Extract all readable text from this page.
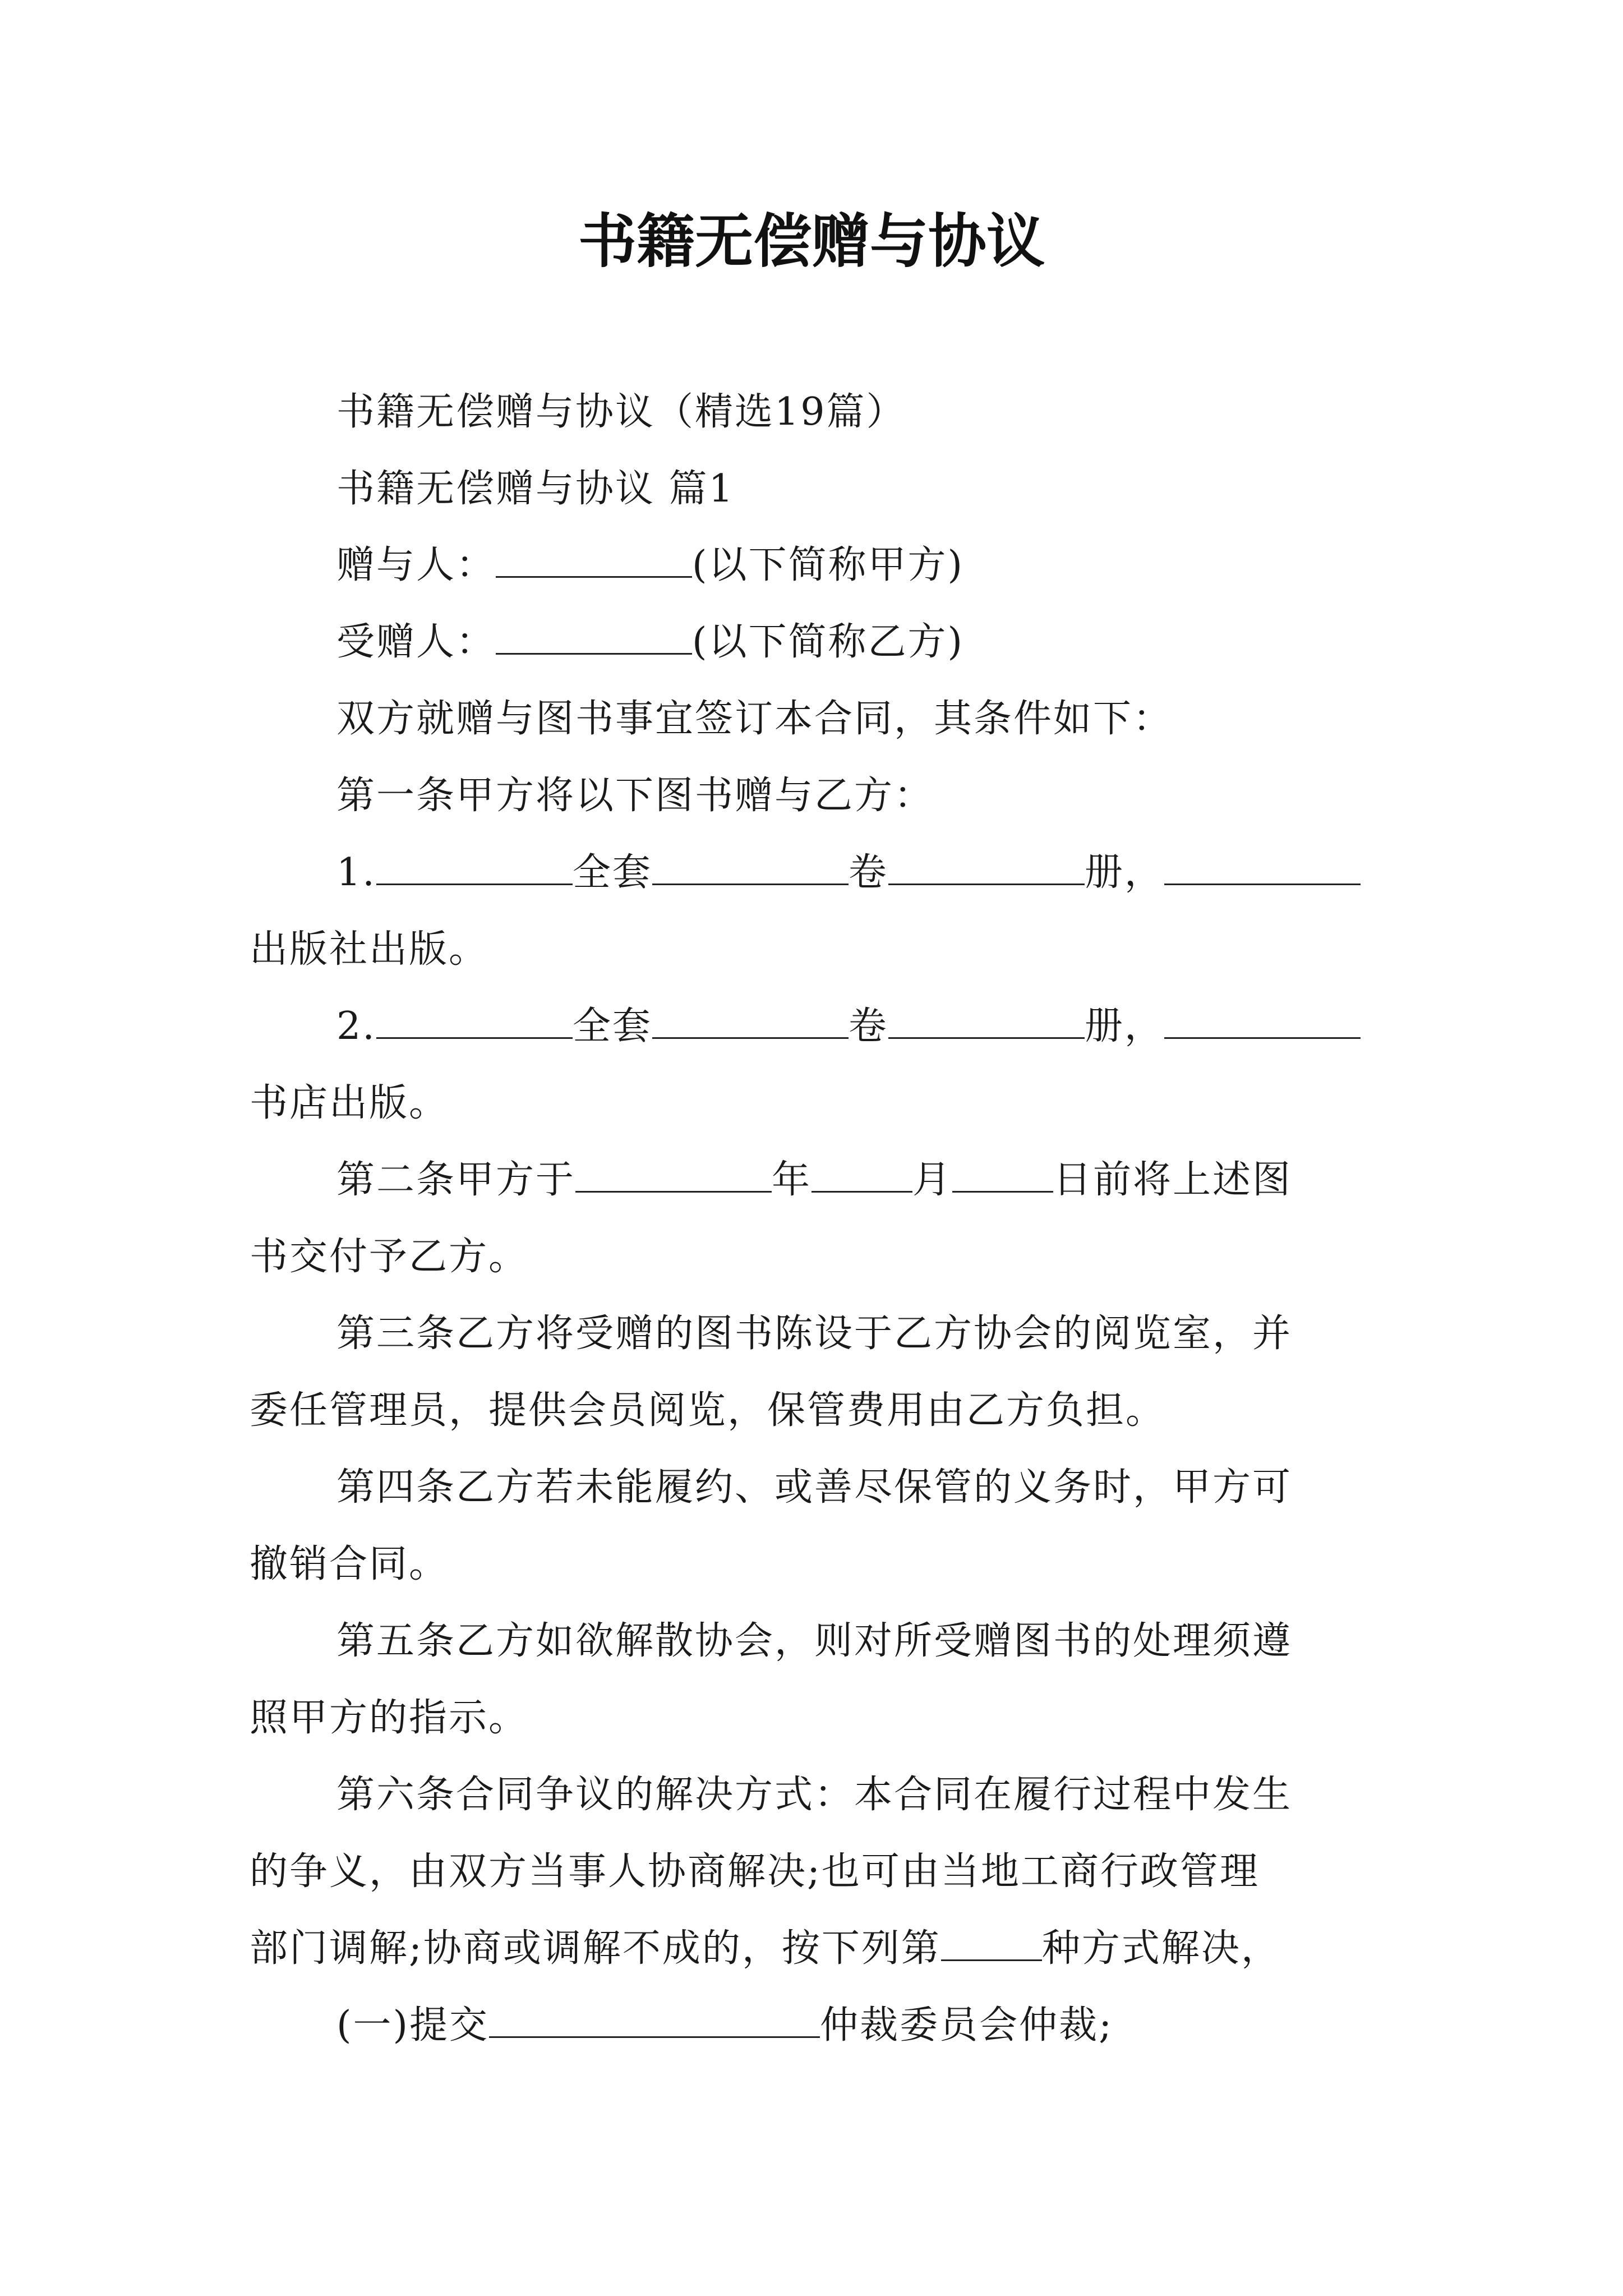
书籍无偿赠与协议

书籍无偿赠与协议（精选19篇）

书籍无偿赠与协议 篇1

赠与人：	(以下简称甲方)

受赠人：	(以下简称乙方)

双方就赠与图书事宜签订本合同，其条件如下：

第一条甲方将以下图书赠与乙方：

1.	全套	卷	册，

出版社出版。

2.	全套	卷	册，

书店出版。

第二条甲方于	年	月	日前将上述图

书交付予乙方。

第三条乙方将受赠的图书陈设于乙方协会的阅览室，并

委任管理员，提供会员阅览，保管费用由乙方负担。

第四条乙方若未能履约、或善尽保管的义务时，甲方可

撤销合同。

第五条乙方如欲解散协会，则对所受赠图书的处理须遵

照甲方的指示。

第六条合同争议的解决方式：本合同在履行过程中发生

的争义，由双方当事人协商解决;也可由当地工商行政管理

部门调解;协商或调解不成的，按下列第	种方式解决，

(一)提交	仲裁委员会仲裁;
